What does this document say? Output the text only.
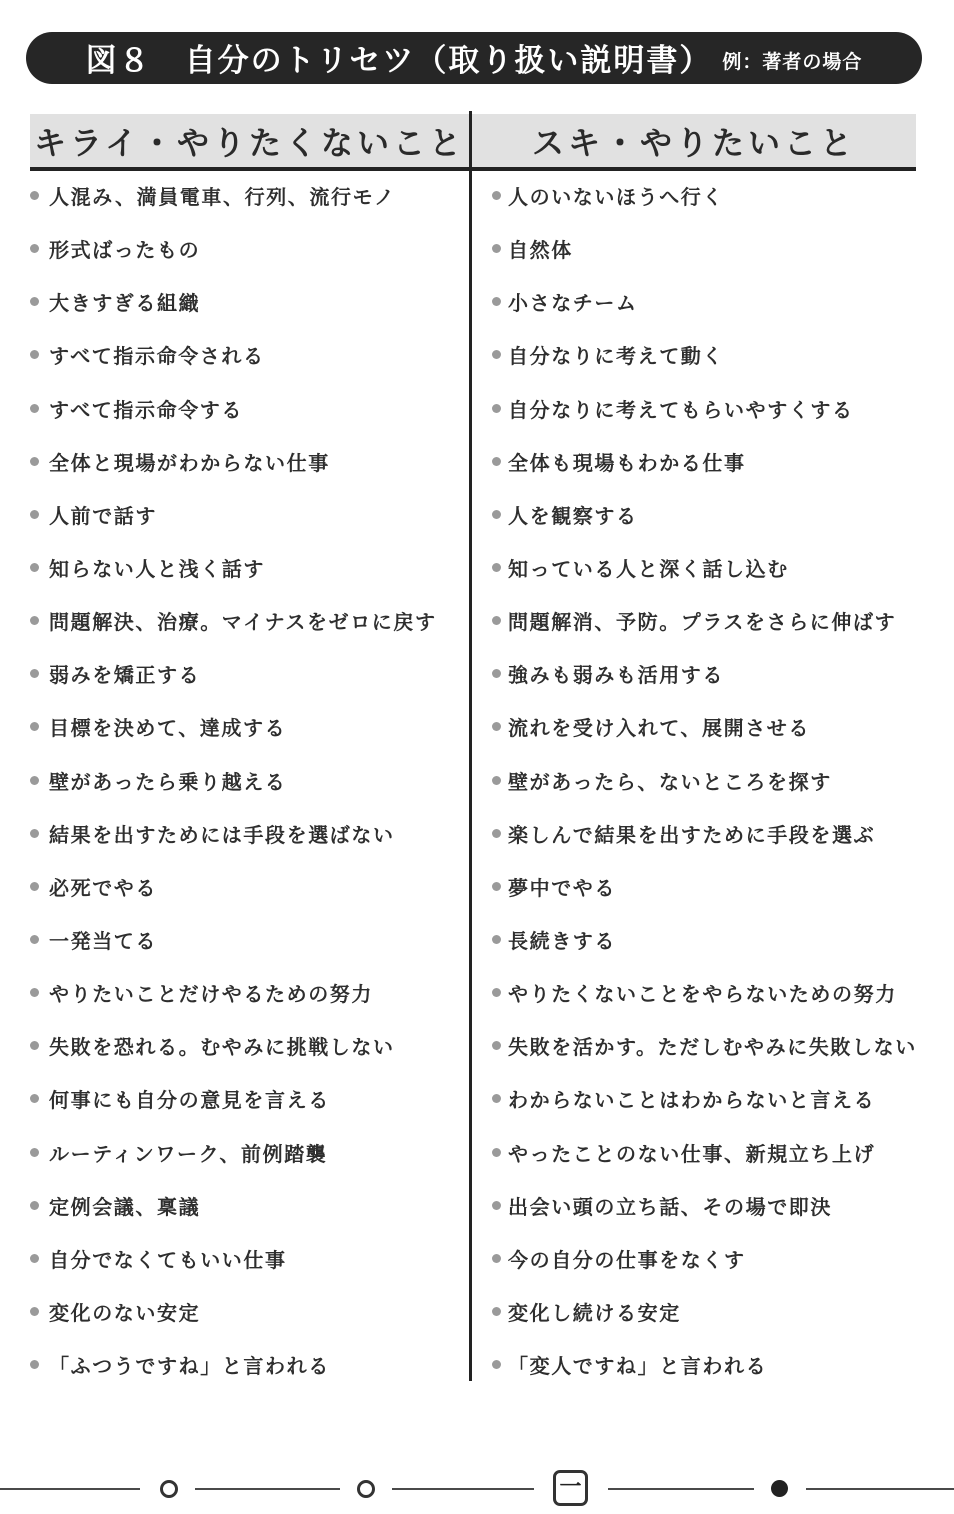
図８　自分のトリセツ（取り扱い説明書） 例：著者の場合
キライ・やりたくないこと	スキ・やりたいこと
人混み、満員電車、行列、流行モノ
形式ばったもの
大きすぎる組織
すべて指示命令される
すべて指示命令する
全体と現場がわからない仕事
人前で話す
知らない人と浅く話す
問題解決、治療。マイナスをゼロに戻す
弱みを矯正する
目標を決めて、達成する
壁があったら乗り越える
結果を出すためには手段を選ばない
必死でやる
一発当てる
やりたいことだけやるための努力
失敗を恐れる。むやみに挑戦しない
何事にも自分の意見を言える
ルーティンワーク、前例踏襲
定例会議、稟議
自分でなくてもいい仕事
変化のない安定
「ふつうですね」と言われる
人のいないほうへ行く
自然体
小さなチーム
自分なりに考えて動く
自分なりに考えてもらいやすくする
全体も現場もわかる仕事
人を観察する
知っている人と深く話し込む
問題解消、予防。プラスをさらに伸ばす
強みも弱みも活用する
流れを受け入れて、展開させる
壁があったら、ないところを探す
楽しんで結果を出すために手段を選ぶ
夢中でやる
長続きする
やりたくないことをやらないための努力
失敗を活かす。ただしむやみに失敗しない
わからないことはわからないと言える
やったことのない仕事、新規立ち上げ
出会い頭の立ち話、その場で即決
今の自分の仕事をなくす
変化し続ける安定
「変人ですね」と言われる
一
